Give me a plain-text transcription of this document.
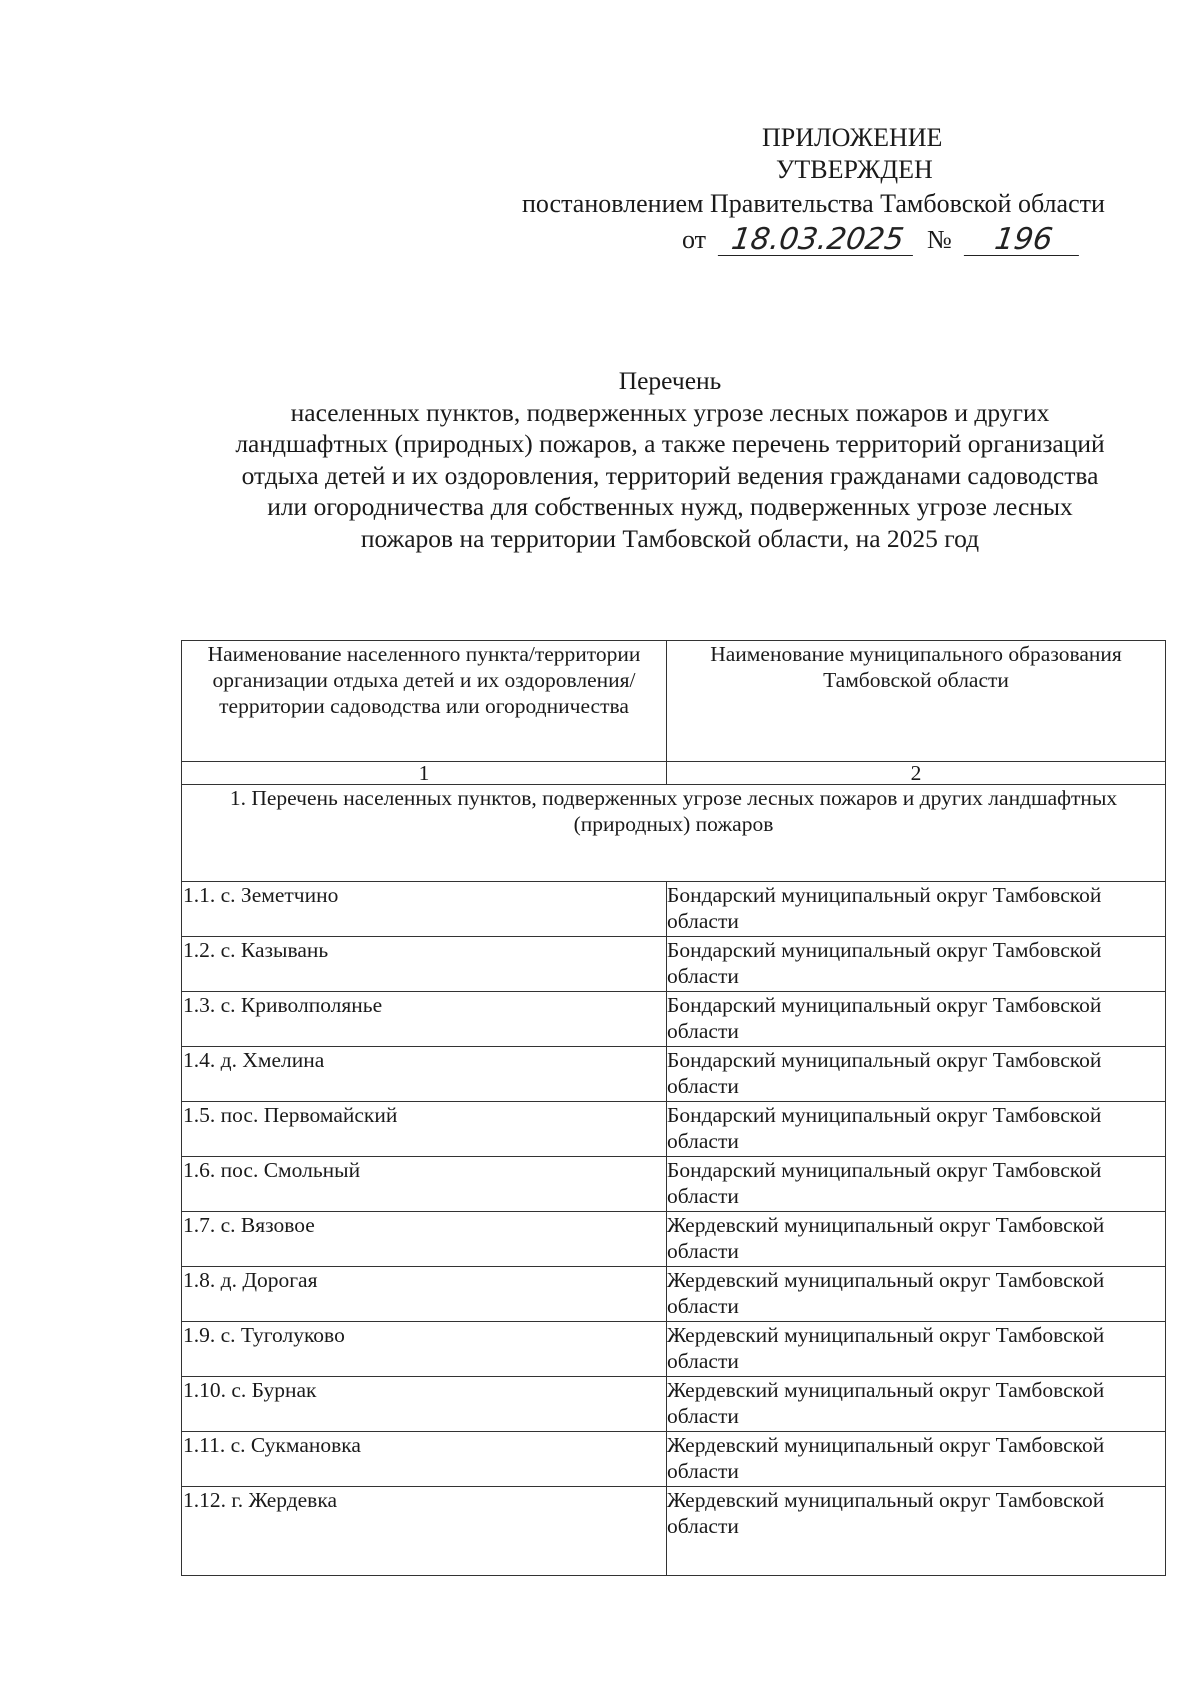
ПРИЛОЖЕНИЕ
УТВЕРЖДЕН
постановлением Правительства Тамбовской области
от 18.03.2025 №	196
Перечень
населенных пунктов, подверженных угрозе лесных пожаров и других
ландшафтных (природных) пожаров, а также перечень территорий организаций
отдыха детей и их оздоровления, территорий ведения гражданами садоводства
или огородничества для собственных нужд, подверженных угрозе лесных
пожаров на территории Тамбовской области, на 2025 год
Наименование населенного пункта/территории организации отдыха детей и их оздоровления/территории садоводства или огородничества	Наименование муниципального образования Тамбовской области
1	2
1. Перечень населенных пунктов, подверженных угрозе лесных пожаров и других ландшафтных (природных) пожаров	
1.1. с. Земетчино	Бондарский муниципальный округ Тамбовской области
1.2. с. Казывань	Бондарский муниципальный округ Тамбовской области
1.3. с. Криволполянье	Бондарский муниципальный округ Тамбовской области
1.4. д. Хмелина	Бондарский муниципальный округ Тамбовской области
1.5. пос. Первомайский	Бондарский муниципальный округ Тамбовской области
1.6. пос. Смольный	Бондарский муниципальный округ Тамбовской области
1.7. с. Вязовое	Жердевский муниципальный округ Тамбовской области
1.8. д. Дорогая	Жердевский муниципальный округ Тамбовской области
1.9. с. Туголуково	Жердевский муниципальный округ Тамбовской области
1.10. с. Бурнак	Жердевский муниципальный округ Тамбовской области
1.11. с. Сукмановка	Жердевский муниципальный округ Тамбовской области
1.12. г. Жердевка	Жердевский муниципальный округ Тамбовской области
